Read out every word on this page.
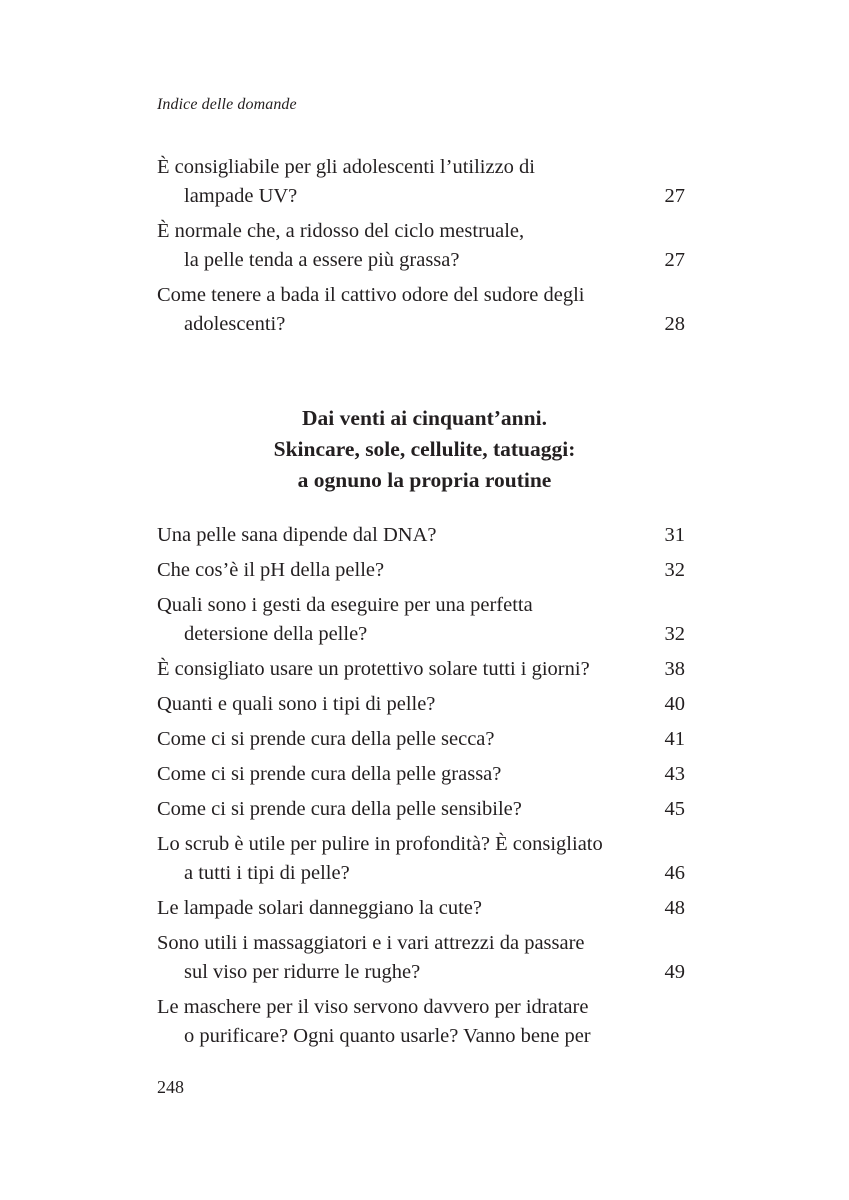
Indice delle domande
È consigliabile per gli adolescenti l’utilizzo di
lampade UV?	27
È normale che, a ridosso del ciclo mestruale,
la pelle tenda a essere più grassa?	27
Come tenere a bada il cattivo odore del sudore degli
adolescenti?	28
Dai venti ai cinquant’anni.
Skincare, sole, cellulite, tatuaggi:
a ognuno la propria routine
Una pelle sana dipende dal DNA?	31
Che cos’è il pH della pelle?	32
Quali sono i gesti da eseguire per una perfetta
detersione della pelle?	32
È consigliato usare un protettivo solare tutti i giorni?	38
Quanti e quali sono i tipi di pelle?	40
Come ci si prende cura della pelle secca?	41
Come ci si prende cura della pelle grassa?	43
Come ci si prende cura della pelle sensibile?	45
Lo scrub è utile per pulire in profondità? È consigliato
a tutti i tipi di pelle?	46
Le lampade solari danneggiano la cute?	48
Sono utili i massaggiatori e i vari attrezzi da passare
sul viso per ridurre le rughe?	49
Le maschere per il viso servono davvero per idratare
o purificare? Ogni quanto usarle? Vanno bene per
248
